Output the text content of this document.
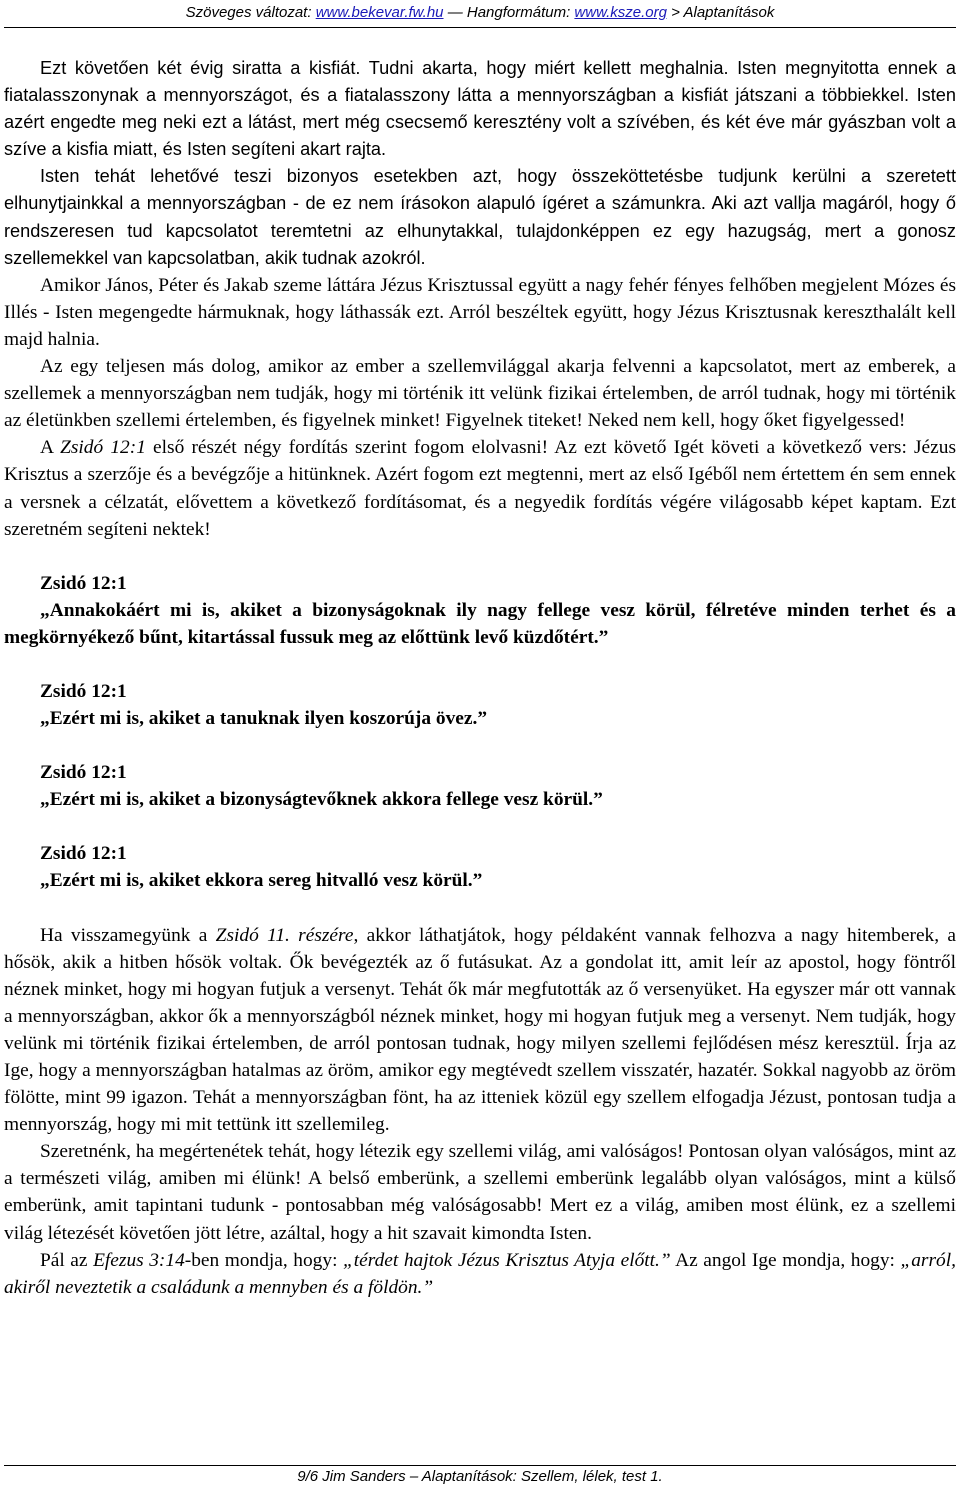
Szöveges változat: www.bekevar.fw.hu — Hangformátum: www.ksze.org > Alaptanítások

Ezt követően két évig siratta a kisfiát. Tudni akarta, hogy miért kellett meghalnia. Isten megnyitotta ennek a fiatalasszonynak a mennyországot, és a fiatalasszony látta a mennyországban a kisfiát játszani a többiekkel. Isten azért engedte meg neki ezt a látást, mert még csecsemő keresztény volt a szívében, és két éve már gyászban volt a szíve a kisfia miatt, és Isten segíteni akart rajta.

Isten tehát lehetővé teszi bizonyos esetekben azt, hogy összeköttetésbe tudjunk kerülni a szeretett elhunytjainkkal a mennyországban - de ez nem írásokon alapuló ígéret a számunkra. Aki azt vallja magáról, hogy ő rendszeresen tud kapcsolatot teremtetni az elhunytakkal, tulajdonképpen ez egy hazugság, mert a gonosz szellemekkel van kapcsolatban, akik tudnak azokról.

Amikor János, Péter és Jakab szeme láttára Jézus Krisztussal együtt a nagy fehér fényes felhőben megjelent Mózes és Illés - Isten megengedte hármuknak, hogy láthassák ezt. Arról beszéltek együtt, hogy Jézus Krisztusnak kereszthalált kell majd halnia.

Az egy teljesen más dolog, amikor az ember a szellemvilággal akarja felvenni a kapcsolatot, mert az emberek, a szellemek a mennyországban nem tudják, hogy mi történik itt velünk fizikai értelemben, de arról tudnak, hogy mi történik az életünkben szellemi értelemben, és figyelnek minket! Figyelnek titeket! Neked nem kell, hogy őket figyelgessed!

A Zsidó 12:1 első részét négy fordítás szerint fogom elolvasni! Az ezt követő Igét követi a következő vers: Jézus Krisztus a szerzője és a bevégzője a hitünknek. Azért fogom ezt megtenni, mert az első Igéből nem értettem én sem ennek a versnek a célzatát, elővettem a következő fordításomat, és a negyedik fordítás végére világosabb képet kaptam. Ezt szeretném segíteni nektek!

Zsidó 12:1

„Annakokáért mi is, akiket a bizonyságoknak ily nagy fellege vesz körül, félretéve minden terhet és a megkörnyékező bűnt, kitartással fussuk meg az előttünk levő küzdőtért.”

Zsidó 12:1

„Ezért mi is, akiket a tanuknak ilyen koszorúja övez.”

Zsidó 12:1

„Ezért mi is, akiket a bizonyságtevőknek akkora fellege vesz körül.”

Zsidó 12:1

„Ezért mi is, akiket ekkora sereg hitvalló vesz körül.”

Ha visszamegyünk a Zsidó 11. részére, akkor láthatjátok, hogy példaként vannak felhozva a nagy hitemberek, a hősök, akik a hitben hősök voltak. Ők bevégezték az ő futásukat. Az a gondolat itt, amit leír az apostol, hogy föntről néznek minket, hogy mi hogyan futjuk a versenyt. Tehát ők már megfutották az ő versenyüket. Ha egyszer már ott vannak a mennyországban, akkor ők a mennyországból néznek minket, hogy mi hogyan futjuk meg a versenyt. Nem tudják, hogy velünk mi történik fizikai értelemben, de arról pontosan tudnak, hogy milyen szellemi fejlődésen mész keresztül. Írja az Ige, hogy a mennyországban hatalmas az öröm, amikor egy megtévedt szellem visszatér, hazatér. Sokkal nagyobb az öröm fölötte, mint 99 igazon. Tehát a mennyországban fönt, ha az itteniek közül egy szellem elfogadja Jézust, pontosan tudja a mennyország, hogy mi mit tettünk itt szellemileg.

Szeretnénk, ha megértenétek tehát, hogy létezik egy szellemi világ, ami valóságos! Pontosan olyan valóságos, mint az a természeti világ, amiben mi élünk! A belső emberünk, a szellemi emberünk legalább olyan valóságos, mint a külső emberünk, amit tapintani tudunk - pontosabban még valóságosabb! Mert ez a világ, amiben most élünk, ez a szellemi világ létezését követően jött létre, azáltal, hogy a hit szavait kimondta Isten.

Pál az Efezus 3:14-ben mondja, hogy: „térdet hajtok Jézus Krisztus Atyja előtt.” Az angol Ige mondja, hogy: „arról, akiről neveztetik a családunk a mennyben és a földön.”

9/6 Jim Sanders – Alaptanítások: Szellem, lélek, test 1.
